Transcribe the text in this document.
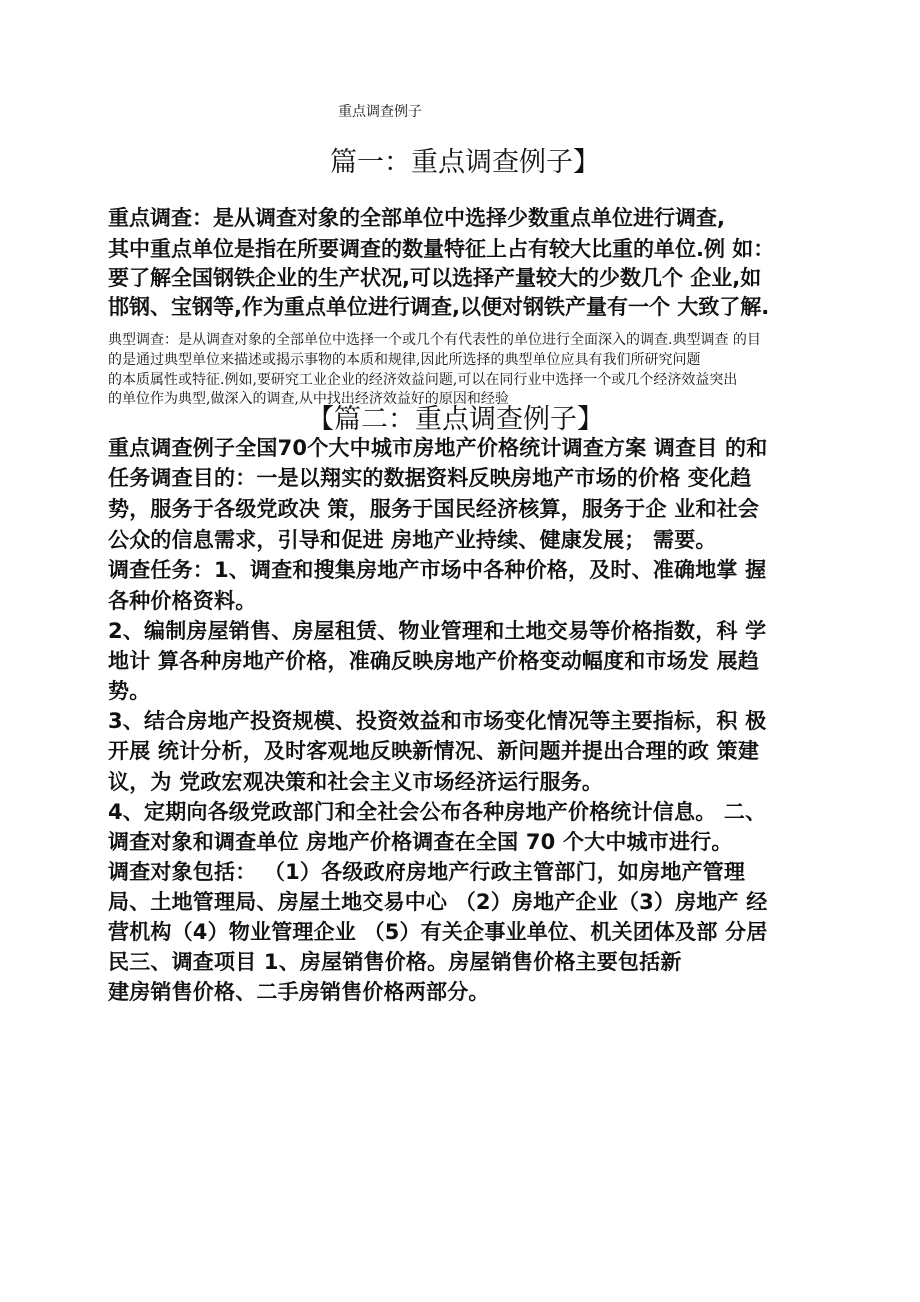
重点调查例子
篇一：重点调查例子】
重点调查：是从调查对象的全部单位中选择少数重点单位进行调查,
其中重点单位是指在所要调查的数量特征上占有较大比重的单位.例 如：
要了解全国钢铁企业的生产状况,可以选择产量较大的少数几个 企业,如
邯钢、宝钢等,作为重点单位进行调查,以便对钢铁产量有一个 大致了解.
典型调查：是从调查对象的全部单位中选择一个或几个有代表性的单位进行全面深入的调查.典型调查 的目
的是通过典型单位来描述或揭示事物的本质和规律,因此所选择的典型单位应具有我们所研究问题
的本质属性或特征.例如,要研究工业企业的经济效益问题,可以在同行业中选择一个或几个经济效益突出
的单位作为典型,做深入的调查,从中找出经济效益好的原因和经验
【篇二：重点调查例子】
重点调查例子全国70个大中城市房地产价格统计调查方案 调查目 的和
任务调查目的：一是以翔实的数据资料反映房地产市场的价格 变化趋
势，服务于各级党政决 策，服务于国民经济核算，服务于企 业和社会
公众的信息需求，引导和促进 房地产业持续、健康发展； 需要。
调查任务：1、调查和搜集房地产市场中各种价格，及时、准确地掌 握
各种价格资料。
2、编制房屋销售、房屋租赁、物业管理和土地交易等价格指数，科 学
地计 算各种房地产价格，准确反映房地产价格变动幅度和市场发 展趋
势。
3、结合房地产投资规模、投资效益和市场变化情况等主要指标，积 极
开展 统计分析，及时客观地反映新情况、新问题并提出合理的政 策建
议，为 党政宏观决策和社会主义市场经济运行服务。
4、定期向各级党政部门和全社会公布各种房地产价格统计信息。 二、
调查对象和调查单位 房地产价格调查在全国 70 个大中城市进行。
调查对象包括： （1）各级政府房地产行政主管部门，如房地产管理
局、土地管理局、房屋土地交易中心 （2）房地产企业（3）房地产 经
营机构（4）物业管理企业 （5）有关企事业单位、机关团体及部 分居
民三、调查项目 1、房屋销售价格。房屋销售价格主要包括新
建房销售价格、二手房销售价格两部分。
